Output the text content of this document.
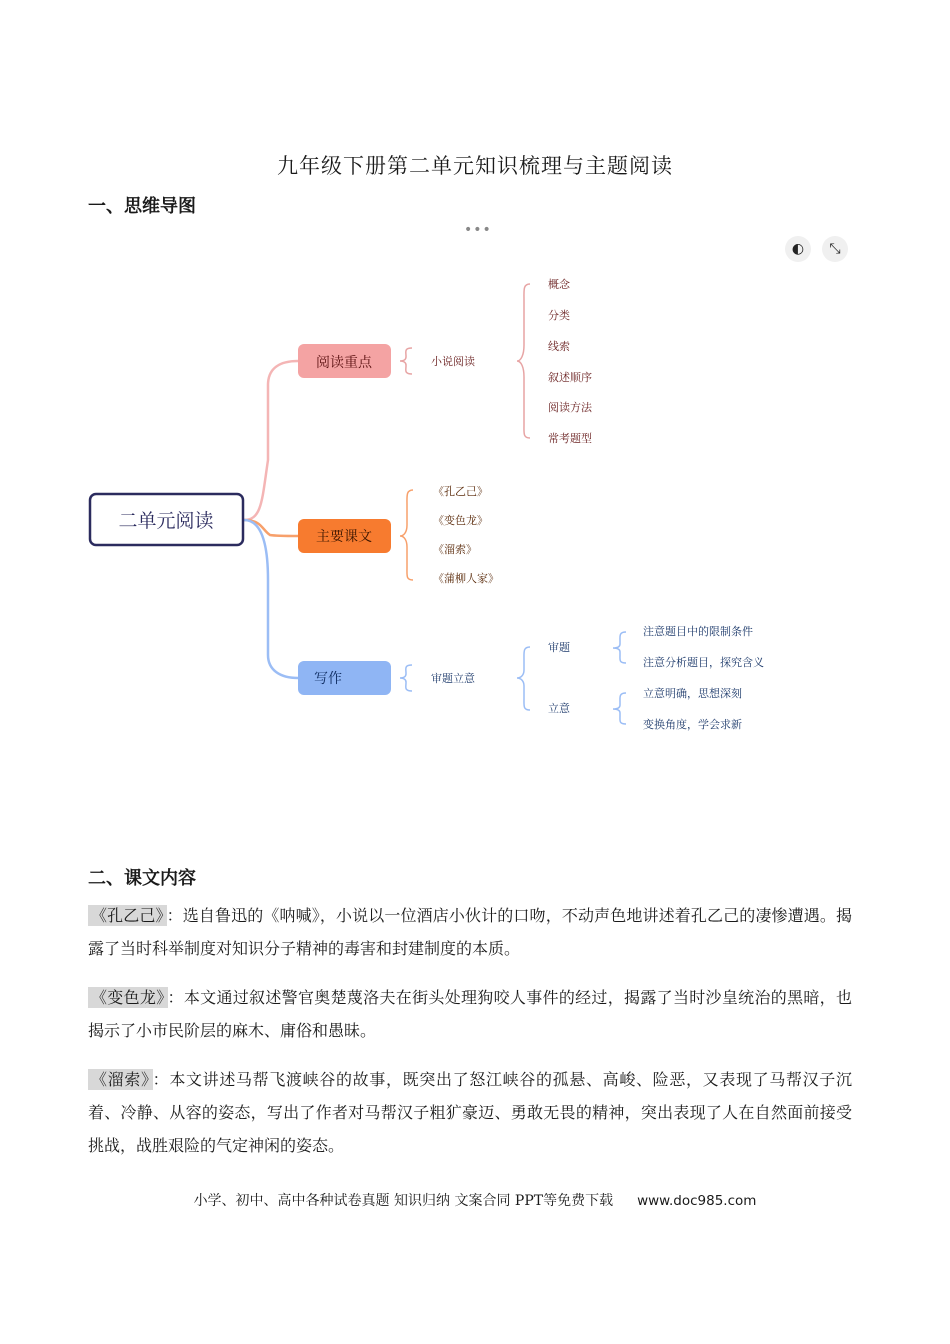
九年级下册第二单元知识梳理与主题阅读
一、思维导图
•••
◐	⤡
二单元阅读
阅读重点
主要课文
写作
小说阅读
概念
分类
线索
叙述顺序
阅读方法
常考题型
《孔乙己》
《变色龙》
《溜索》
《蒲柳人家》
审题立意
审题
立意
注意题目中的限制条件
注意分析题目，探究含义
立意明确，思想深刻
变换角度，学会求新
二、课文内容
《孔乙己》 ：选自鲁迅的《呐喊》，小说以一位酒店小伙计的口吻，不动声色地讲述着孔乙己的凄惨遭遇。揭露了当时科举制度对知识分子精神的毒害和封建制度的本质。
《变色龙》 ：本文通过叙述警官奥楚蔑洛夫在街头处理狗咬人事件的经过，揭露了当时沙皇统治的黑暗，也揭示了小市民阶层的麻木、庸俗和愚昧。
《溜索》 ：本文讲述马帮飞渡峡谷的故事，既突出了怒江峡谷的孤悬、高峻、险恶，又表现了马帮汉子沉着、冷静、从容的姿态，写出了作者对马帮汉子粗犷豪迈、勇敢无畏的精神，突出表现了人在自然面前接受挑战，战胜艰险的气定神闲的姿态。
小学、初中、高中各种试卷真题 知识归纳 文案合同 PPT等免费下载 www.doc985.com
